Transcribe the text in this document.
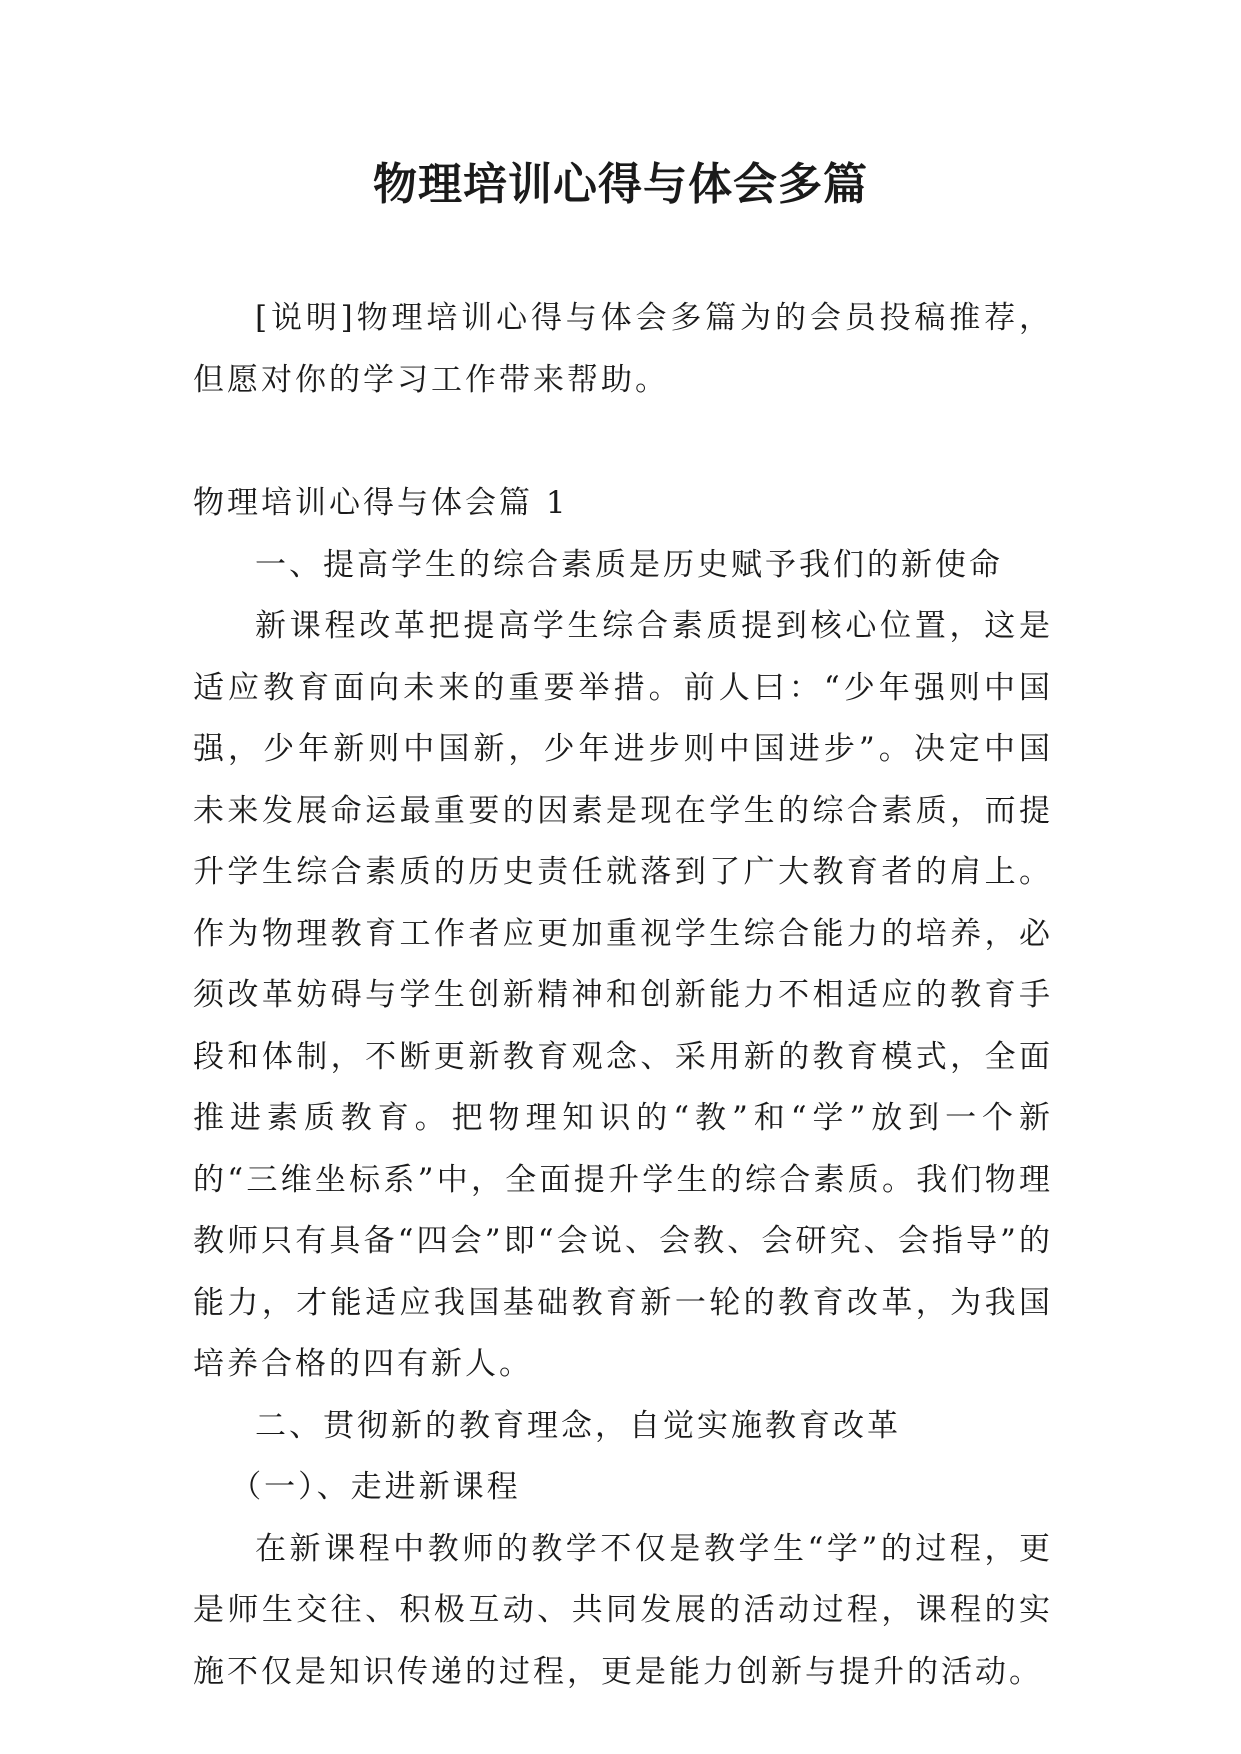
物理培训心得与体会多篇

[说明]物理培训心得与体会多篇为的会员投稿推荐，但愿对你的学习工作带来帮助。

物理培训心得与体会篇 1

一、提高学生的综合素质是历史赋予我们的新使命

新课程改革把提高学生综合素质提到核心位置，这是适应教育面向未来的重要举措。前人曰：“少年强则中国强，少年新则中国新，少年进步则中国进步”。决定中国未来发展命运最重要的因素是现在学生的综合素质，而提升学生综合素质的历史责任就落到了广大教育者的肩上。作为物理教育工作者应更加重视学生综合能力的培养，必须改革妨碍与学生创新精神和创新能力不相适应的教育手段和体制，不断更新教育观念、采用新的教育模式，全面推进素质教育。把物理知识的“教”和“学”放到一个新的“三维坐标系”中，全面提升学生的综合素质。我们物理教师只有具备“四会”即“会说、会教、会研究、会指导”的能力，才能适应我国基础教育新一轮的教育改革，为我国培养合格的四有新人。

二、贯彻新的教育理念，自觉实施教育改革

（一）、走进新课程

在新课程中教师的教学不仅是教学生“学”的过程，更是师生交往、积极互动、共同发展的活动过程，课程的实施不仅是知识传递的过程，更是能力创新与提升的活动。
